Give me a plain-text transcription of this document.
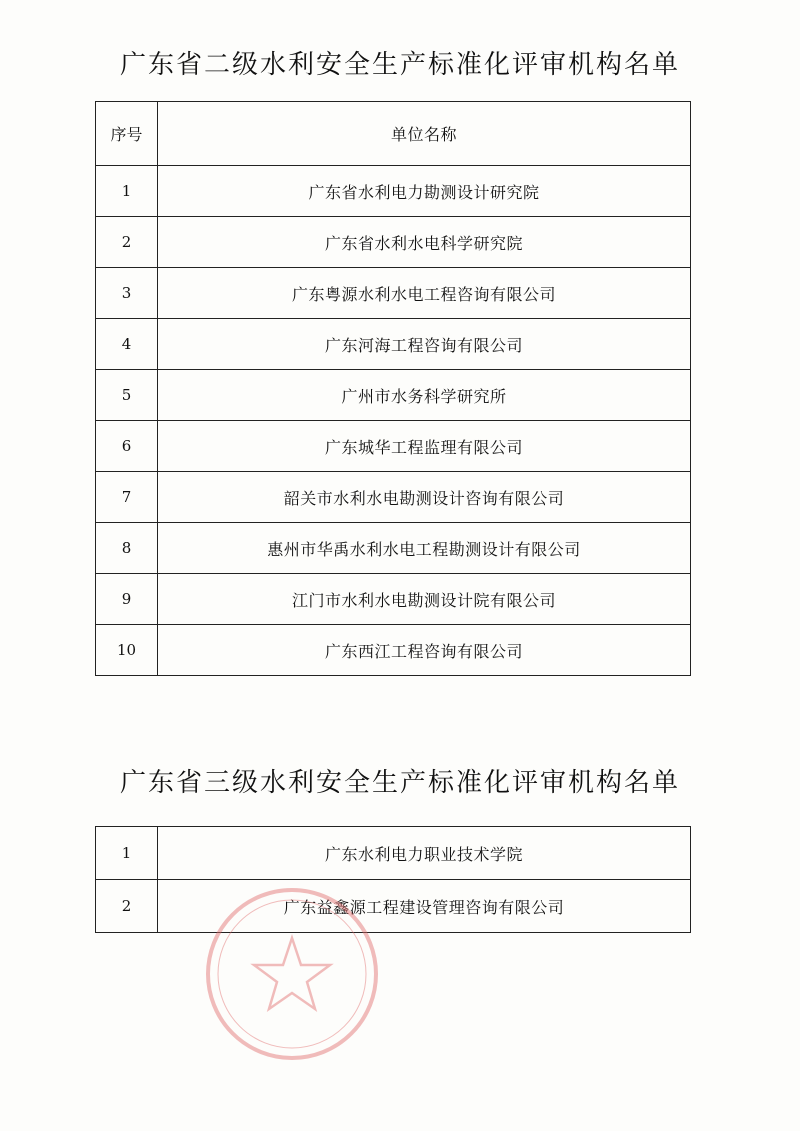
广东省二级水利安全生产标准化评审机构名单
序号	单位名称
1	广东省水利电力勘测设计研究院
2	广东省水利水电科学研究院
3	广东粤源水利水电工程咨询有限公司
4	广东河海工程咨询有限公司
5	广州市水务科学研究所
6	广东城华工程监理有限公司
7	韶关市水利水电勘测设计咨询有限公司
8	惠州市华禹水利水电工程勘测设计有限公司
9	江门市水利水电勘测设计院有限公司
10	广东西江工程咨询有限公司
广东省三级水利安全生产标准化评审机构名单
1	广东水利电力职业技术学院
2	广东益鑫源工程建设管理咨询有限公司
